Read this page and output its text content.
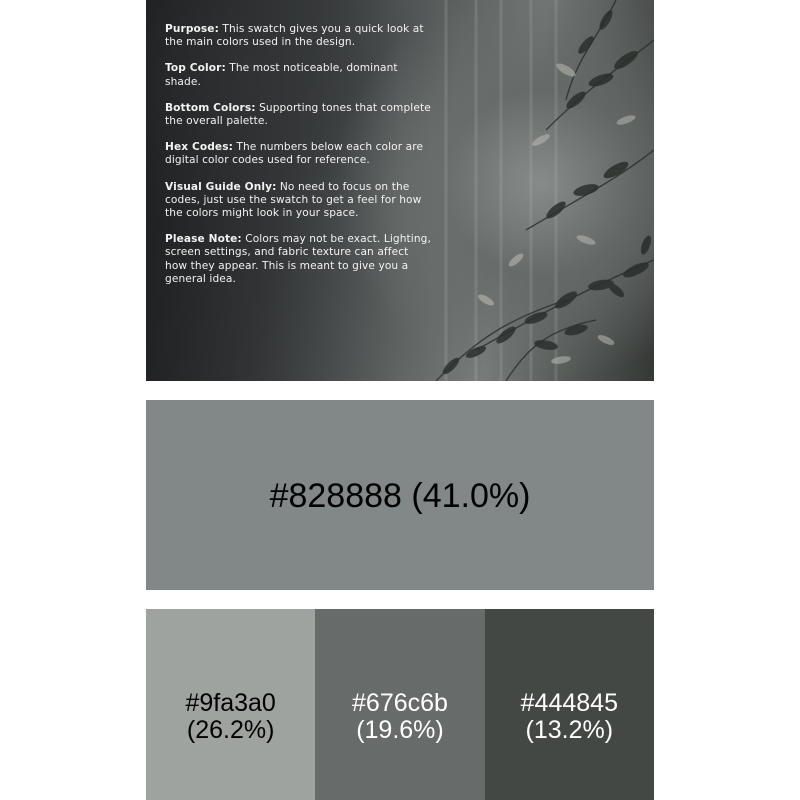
Purpose: This swatch gives you a quick look at the main colors used in the design.

Top Color: The most noticeable, dominant shade.

Bottom Colors: Supporting tones that complete the overall palette.

Hex Codes: The numbers below each color are digital color codes used for reference.

Visual Guide Only: No need to focus on the codes, just use the swatch to get a feel for how the colors might look in your space.

Please Note: Colors may not be exact. Lighting, screen settings, and fabric texture can affect how they appear. This is meant to give you a general idea.

#828888 (41.0%)
#9fa3a0
(26.2%)
#676c6b
(19.6%)
#444845
(13.2%)
